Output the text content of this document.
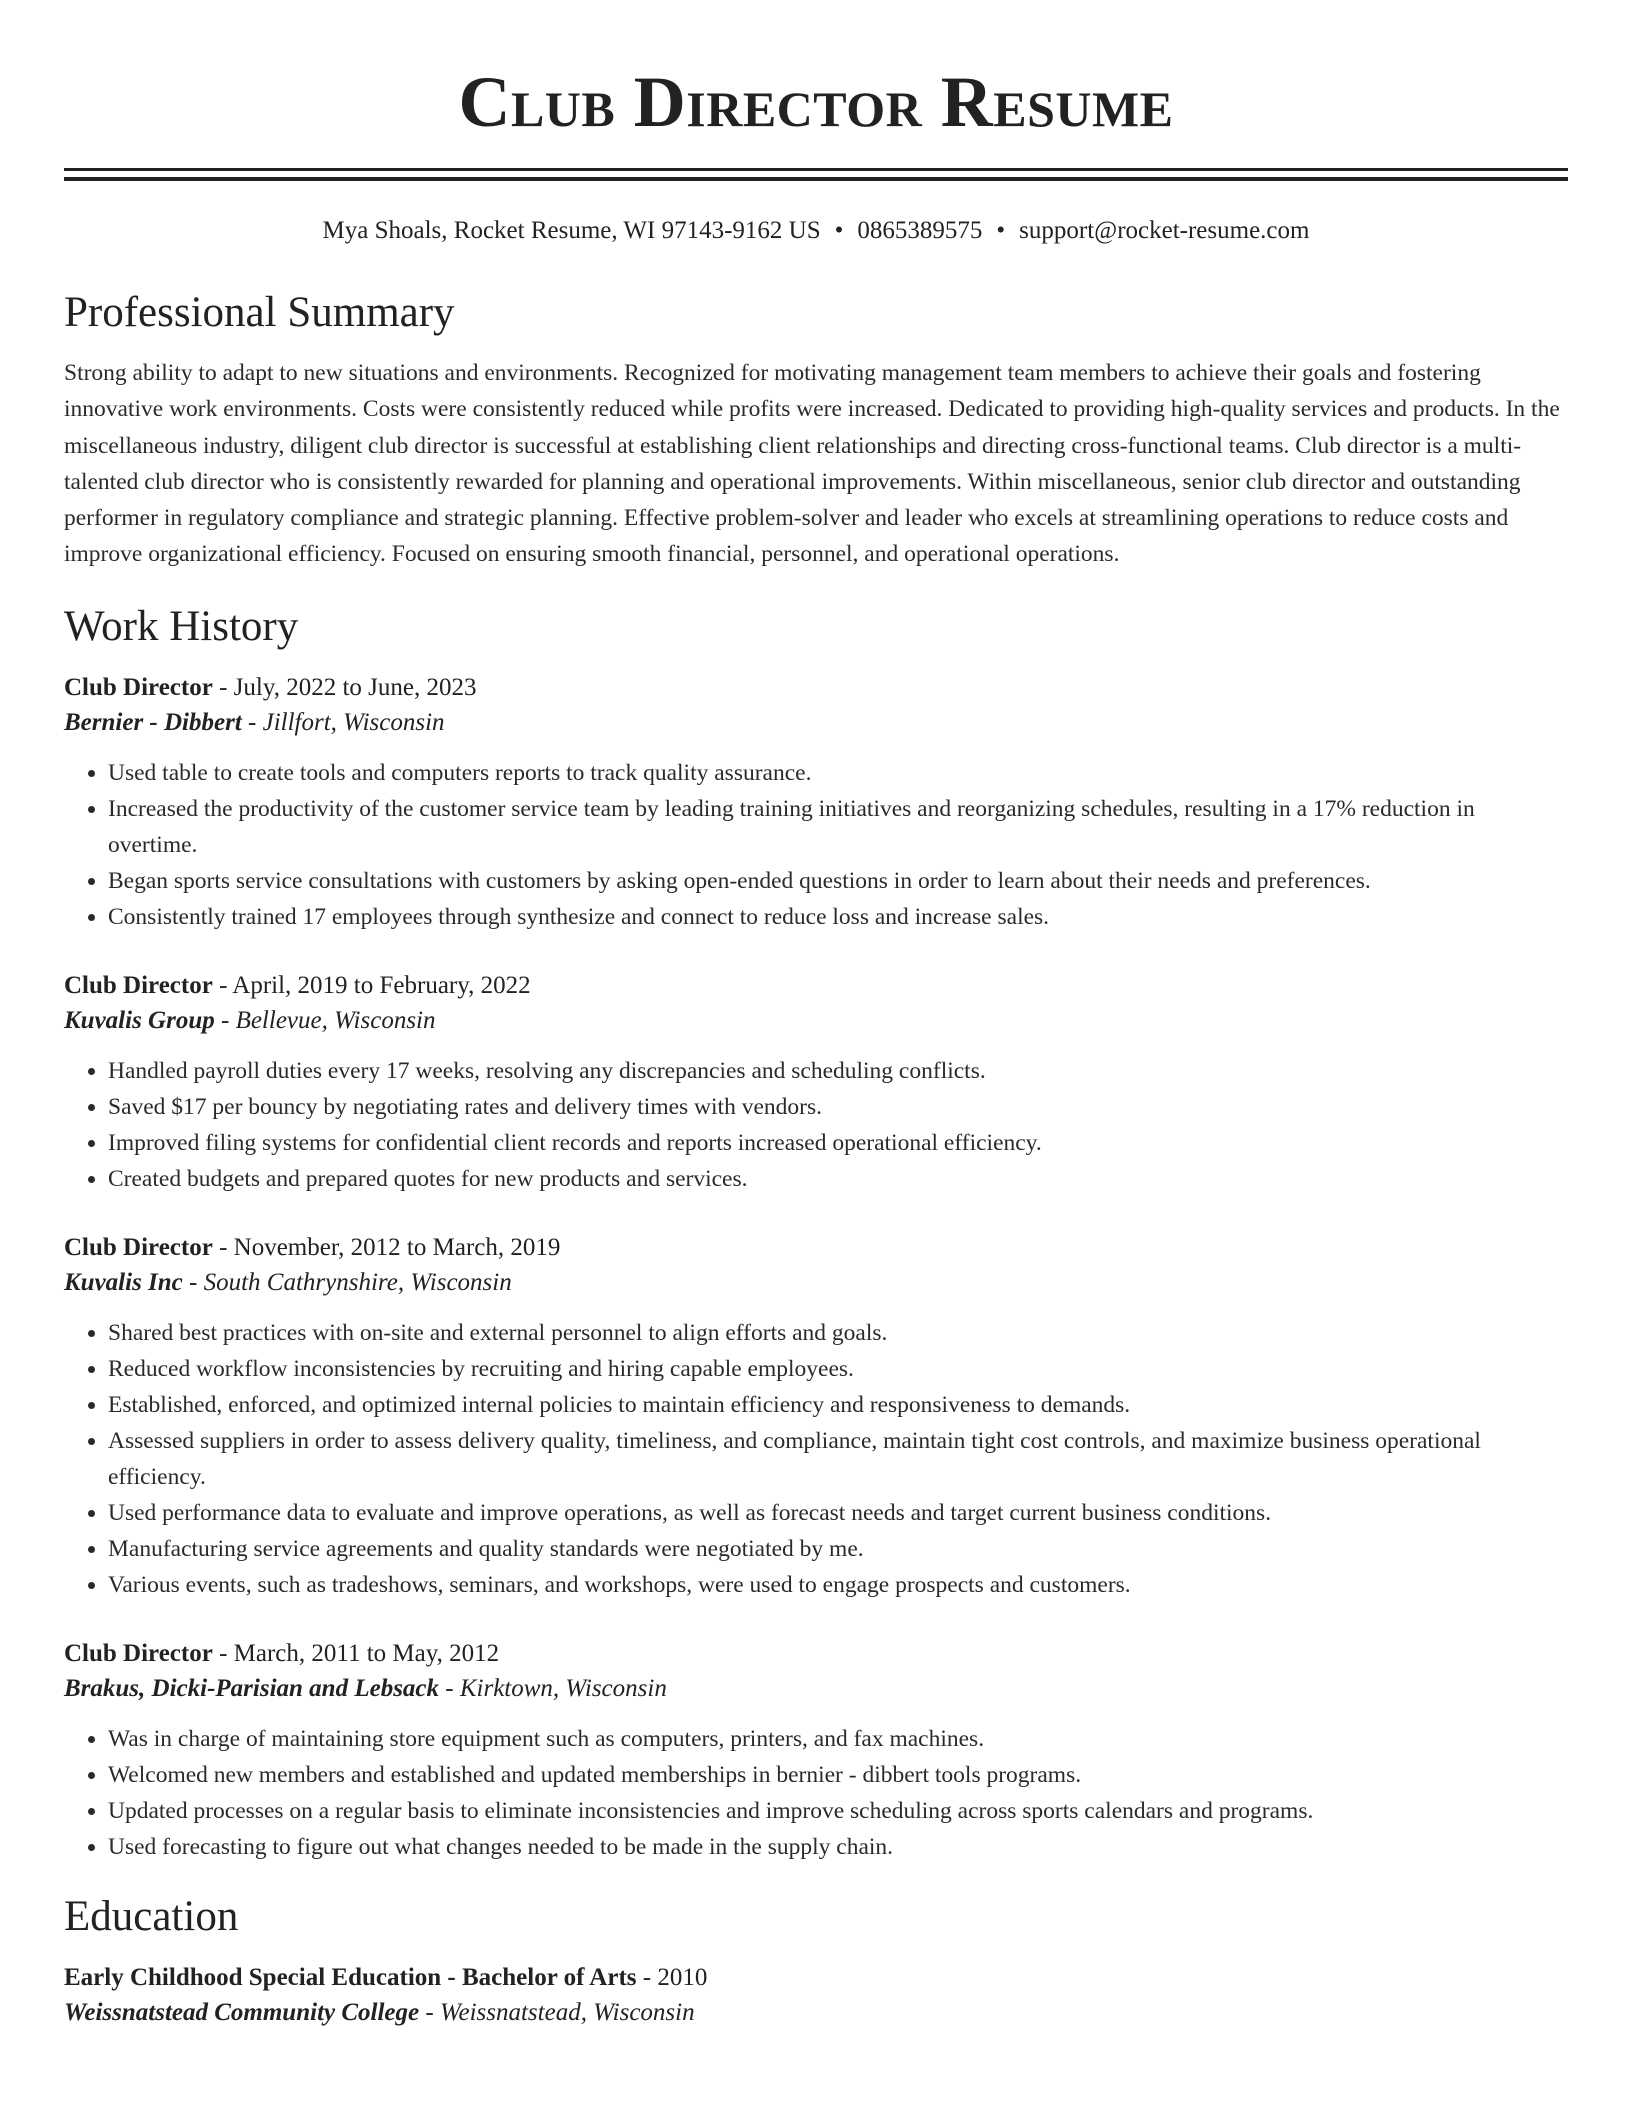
Club Director Resume
Mya Shoals, Rocket Resume, WI 97143-9162 US • 0865389575 • support@rocket-resume.com
Professional Summary

Strong ability to adapt to new situations and environments. Recognized for motivating management team members to achieve their goals and fostering innovative work environments. Costs were consistently reduced while profits were increased. Dedicated to providing high-quality services and products. In the miscellaneous industry, diligent club director is successful at establishing client relationships and directing cross-functional teams. Club director is a multi-talented club director who is consistently rewarded for planning and operational improvements. Within miscellaneous, senior club director and outstanding performer in regulatory compliance and strategic planning. Effective problem-solver and leader who excels at streamlining operations to reduce costs and improve organizational efficiency. Focused on ensuring smooth financial, personnel, and operational operations.

Work History

Club Director - July, 2022 to June, 2023

Bernier - Dibbert - Jillfort, Wisconsin

• Used table to create tools and computers reports to track quality assurance.
• Increased the productivity of the customer service team by leading training initiatives and reorganizing schedules, resulting in a 17% reduction in overtime.
• Began sports service consultations with customers by asking open-ended questions in order to learn about their needs and preferences.
• Consistently trained 17 employees through synthesize and connect to reduce loss and increase sales.

Club Director - April, 2019 to February, 2022

Kuvalis Group - Bellevue, Wisconsin

• Handled payroll duties every 17 weeks, resolving any discrepancies and scheduling conflicts.
• Saved $17 per bouncy by negotiating rates and delivery times with vendors.
• Improved filing systems for confidential client records and reports increased operational efficiency.
• Created budgets and prepared quotes for new products and services.

Club Director - November, 2012 to March, 2019

Kuvalis Inc - South Cathrynshire, Wisconsin

• Shared best practices with on-site and external personnel to align efforts and goals.
• Reduced workflow inconsistencies by recruiting and hiring capable employees.
• Established, enforced, and optimized internal policies to maintain efficiency and responsiveness to demands.
• Assessed suppliers in order to assess delivery quality, timeliness, and compliance, maintain tight cost controls, and maximize business operational efficiency.
• Used performance data to evaluate and improve operations, as well as forecast needs and target current business conditions.
• Manufacturing service agreements and quality standards were negotiated by me.
• Various events, such as tradeshows, seminars, and workshops, were used to engage prospects and customers.

Club Director - March, 2011 to May, 2012

Brakus, Dicki-Parisian and Lebsack - Kirktown, Wisconsin

• Was in charge of maintaining store equipment such as computers, printers, and fax machines.
• Welcomed new members and established and updated memberships in bernier - dibbert tools programs.
• Updated processes on a regular basis to eliminate inconsistencies and improve scheduling across sports calendars and programs.
• Used forecasting to figure out what changes needed to be made in the supply chain.
Education

Early Childhood Special Education - Bachelor of Arts - 2010

Weissnatstead Community College - Weissnatstead, Wisconsin
